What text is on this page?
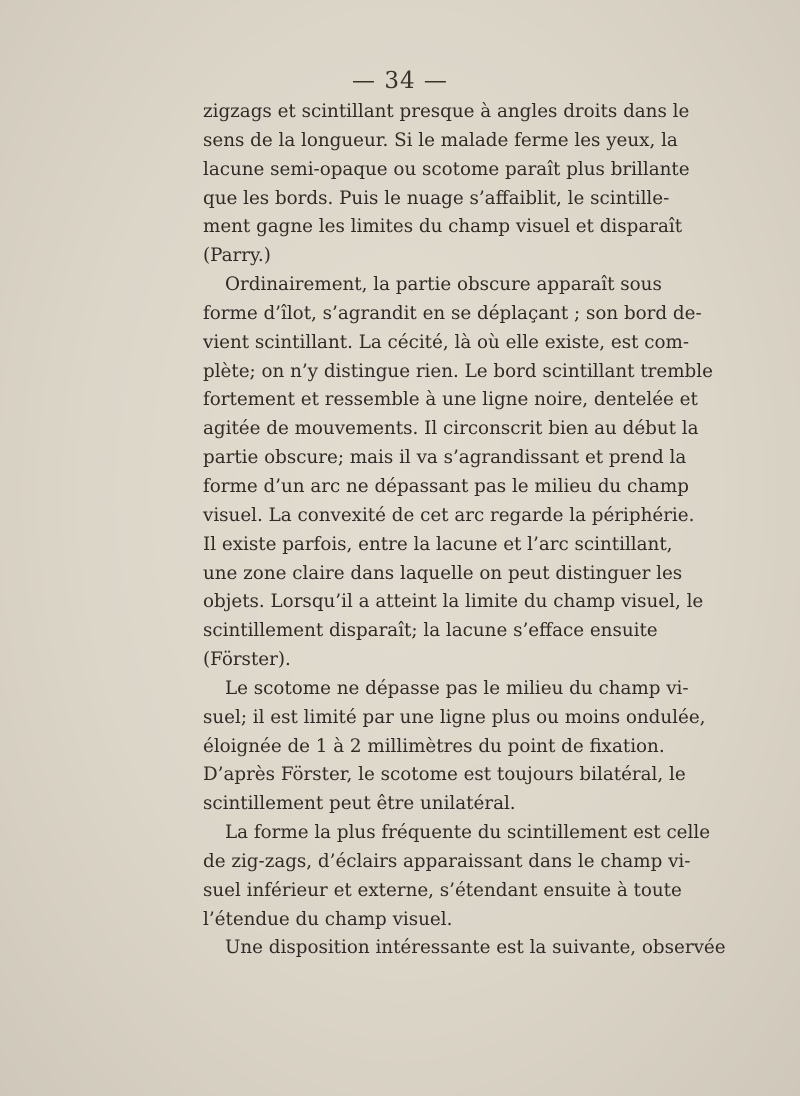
— 34 —
zigzags et scintillant presque à angles droits dans le
sens de la longueur. Si le malade ferme les yeux, la
lacune semi-opaque ou scotome paraît plus brillante
que les bords. Puis le nuage s’affaiblit, le scintille-
ment gagne les limites du champ visuel et disparaît
(Parry.)
Ordinairement, la partie obscure apparaît sous
forme d’îlot, s’agrandit en se déplaçant ; son bord de-
vient scintillant. La cécité, là où elle existe, est com-
plète; on n’y distingue rien. Le bord scintillant tremble
fortement et ressemble à une ligne noire, dentelée et
agitée de mouvements. Il circonscrit bien au début la
partie obscure; mais il va s’agrandissant et prend la
forme d’un arc ne dépassant pas le milieu du champ
visuel. La convexité de cet arc regarde la périphérie.
Il existe parfois, entre la lacune et l’arc scintillant,
une zone claire dans laquelle on peut distinguer les
objets. Lorsqu’il a atteint la limite du champ visuel, le
scintillement disparaît; la lacune s’efface ensuite
(Förster).
Le scotome ne dépasse pas le milieu du champ vi-
suel; il est limité par une ligne plus ou moins ondulée,
éloignée de 1 à 2 millimètres du point de fixation.
D’après Förster, le scotome est toujours bilatéral, le
scintillement peut être unilatéral.
La forme la plus fréquente du scintillement est celle
de zig-zags, d’éclairs apparaissant dans le champ vi-
suel inférieur et externe, s’étendant ensuite à toute
l’étendue du champ visuel.
Une disposition intéressante est la suivante, observée
